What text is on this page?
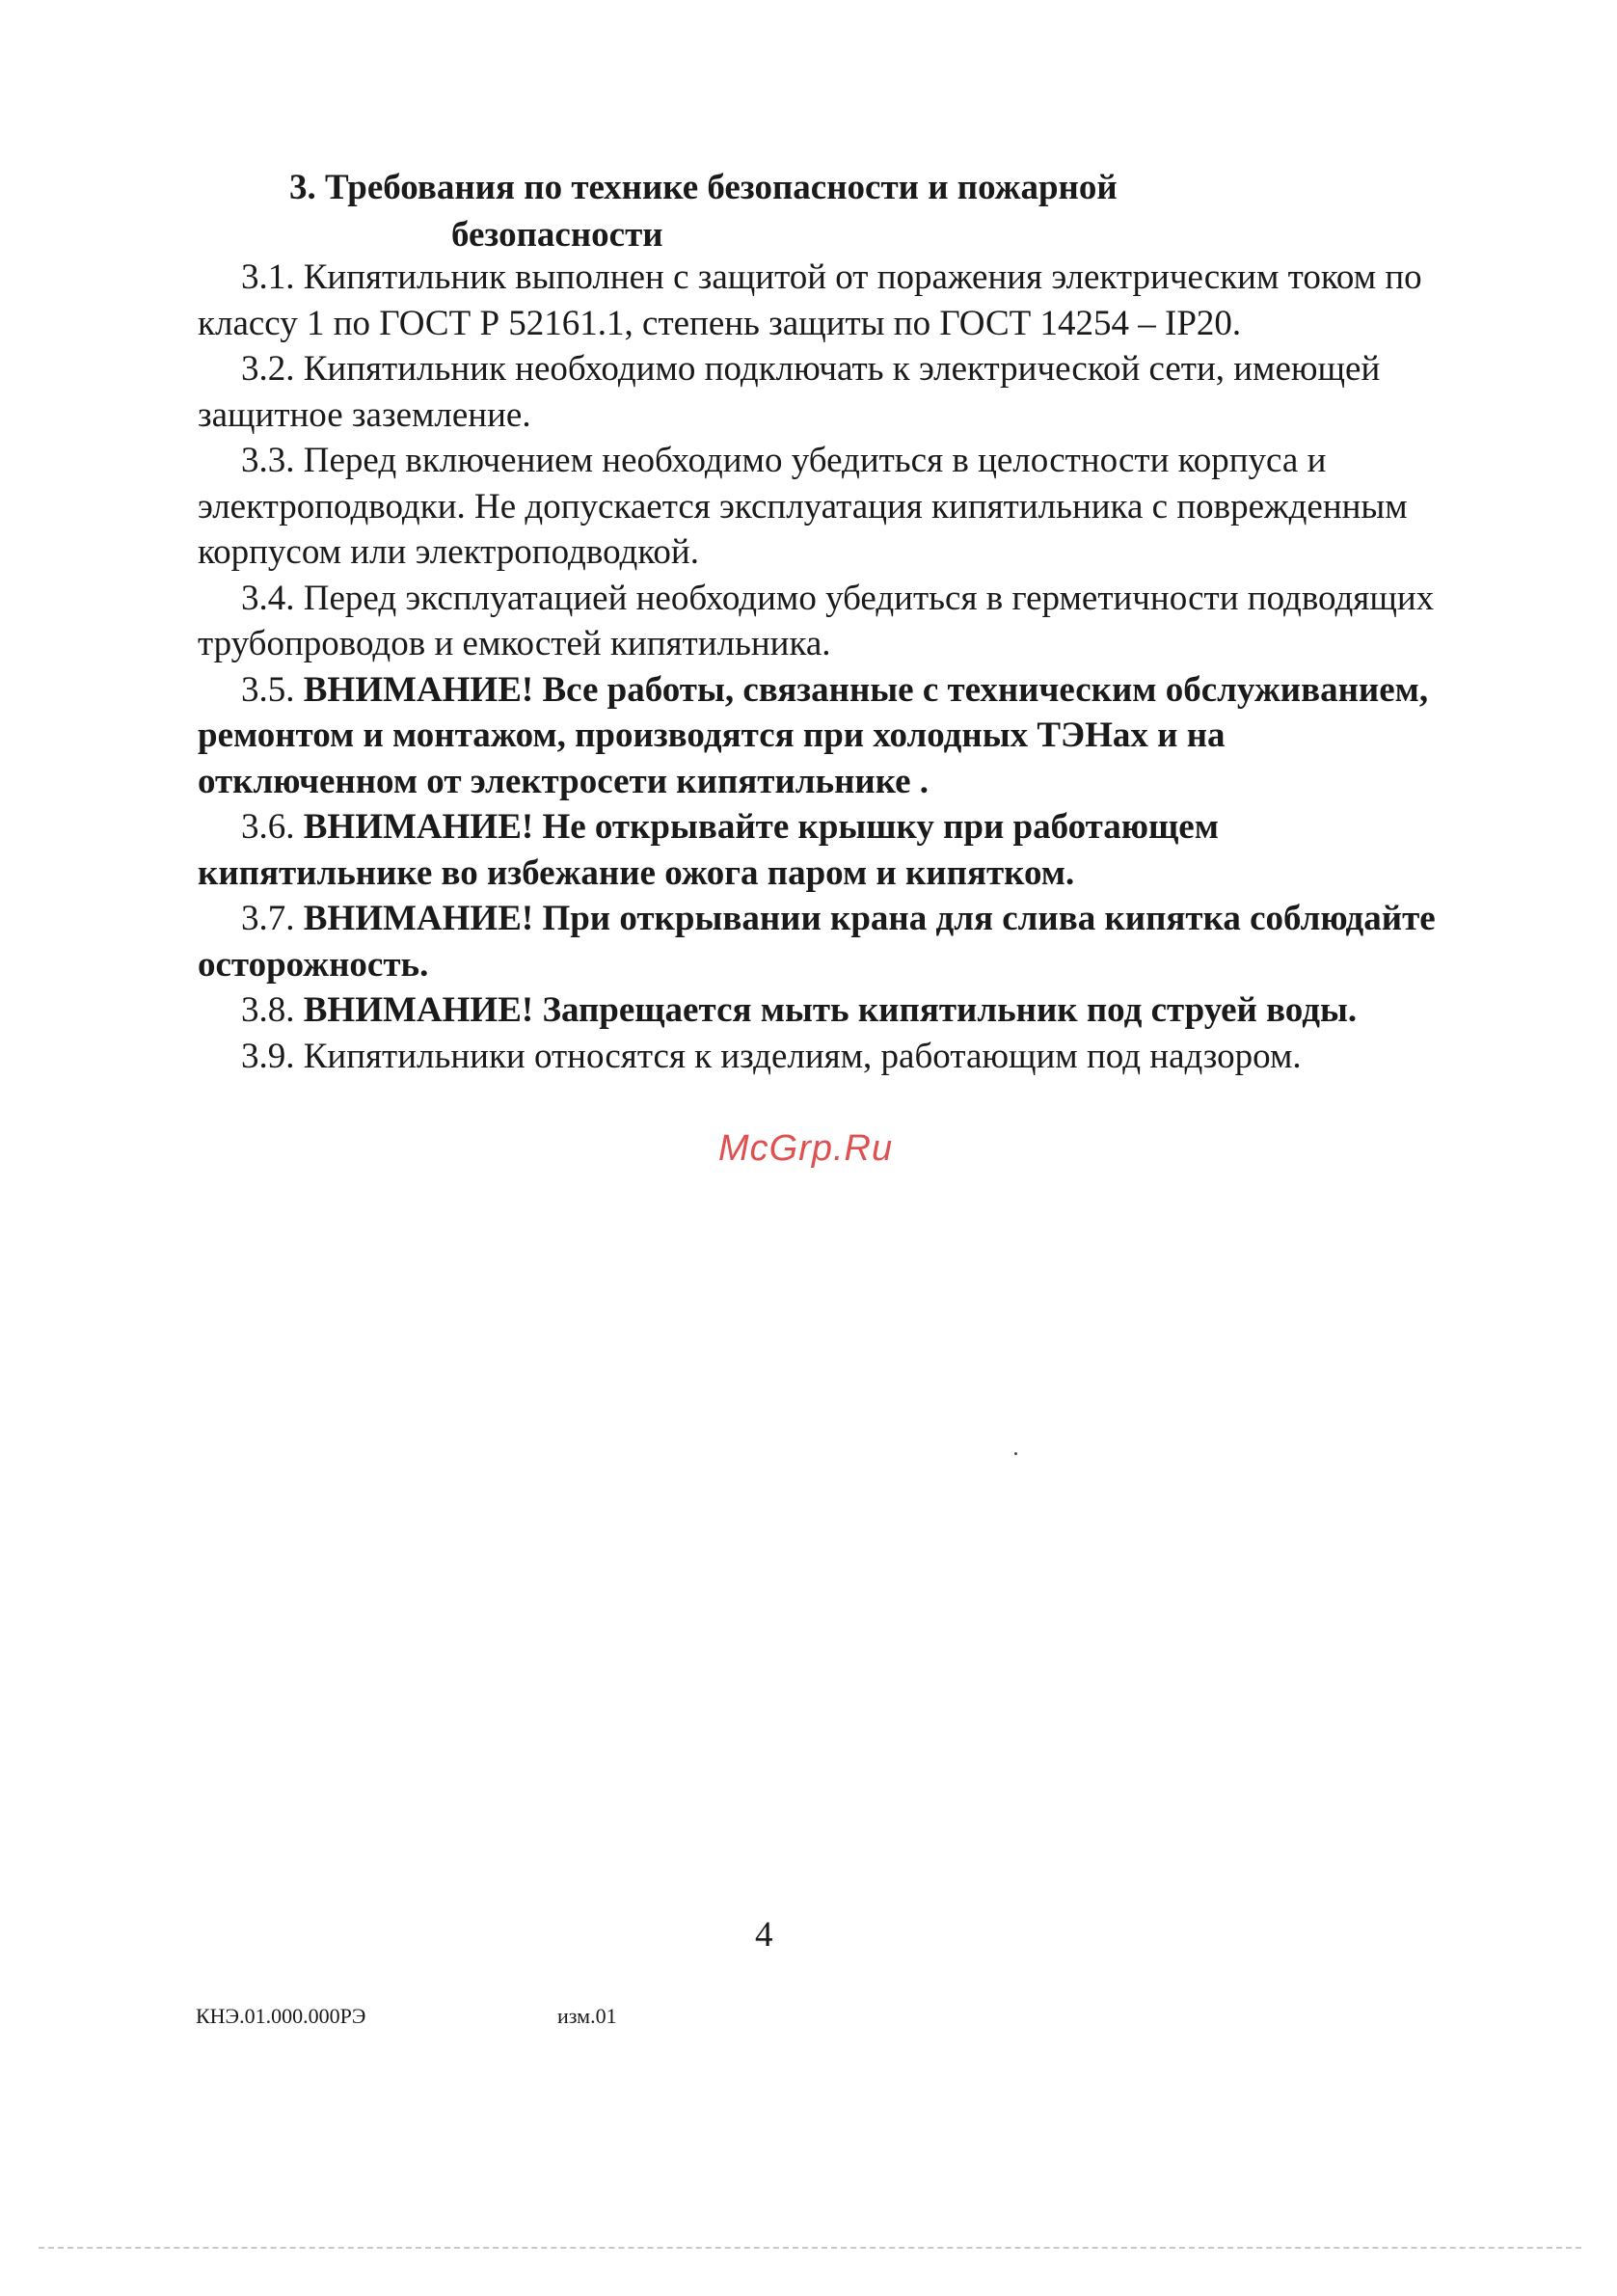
3. Требования по технике безопасности и пожарной
безопасности

3.1. Кипятильник выполнен с защитой от поражения электрическим током по классу 1 по ГОСТ Р 52161.1, степень защиты по ГОСТ 14254 – IP20.

3.2. Кипятильник необходимо подключать к электрической сети, имеющей защитное заземление.

3.3. Перед включением необходимо убедиться в целостности корпуса и электроподводки. Не допускается эксплуатация кипятильника с поврежденным корпусом или электроподводкой.

3.4. Перед эксплуатацией необходимо убедиться в герметичности подводящих трубопроводов и емкостей кипятильника.

3.5. ВНИМАНИЕ! Все работы, связанные с техническим обслуживанием, ремонтом и монтажом, производятся при холодных ТЭНах и на отключенном от электросети кипятильнике .

3.6. ВНИМАНИЕ! Не открывайте крышку при работающем кипятильнике во избежание ожога паром и кипятком.

3.7. ВНИМАНИЕ! При открывании крана для слива кипятка соблюдайте осторожность.

3.8. ВНИМАНИЕ! Запрещается мыть кипятильник под струей воды.

3.9. Кипятильники относятся к изделиям, работающим под надзором.

McGrp.Ru
4
КНЭ.01.000.000РЭ	изм.01
